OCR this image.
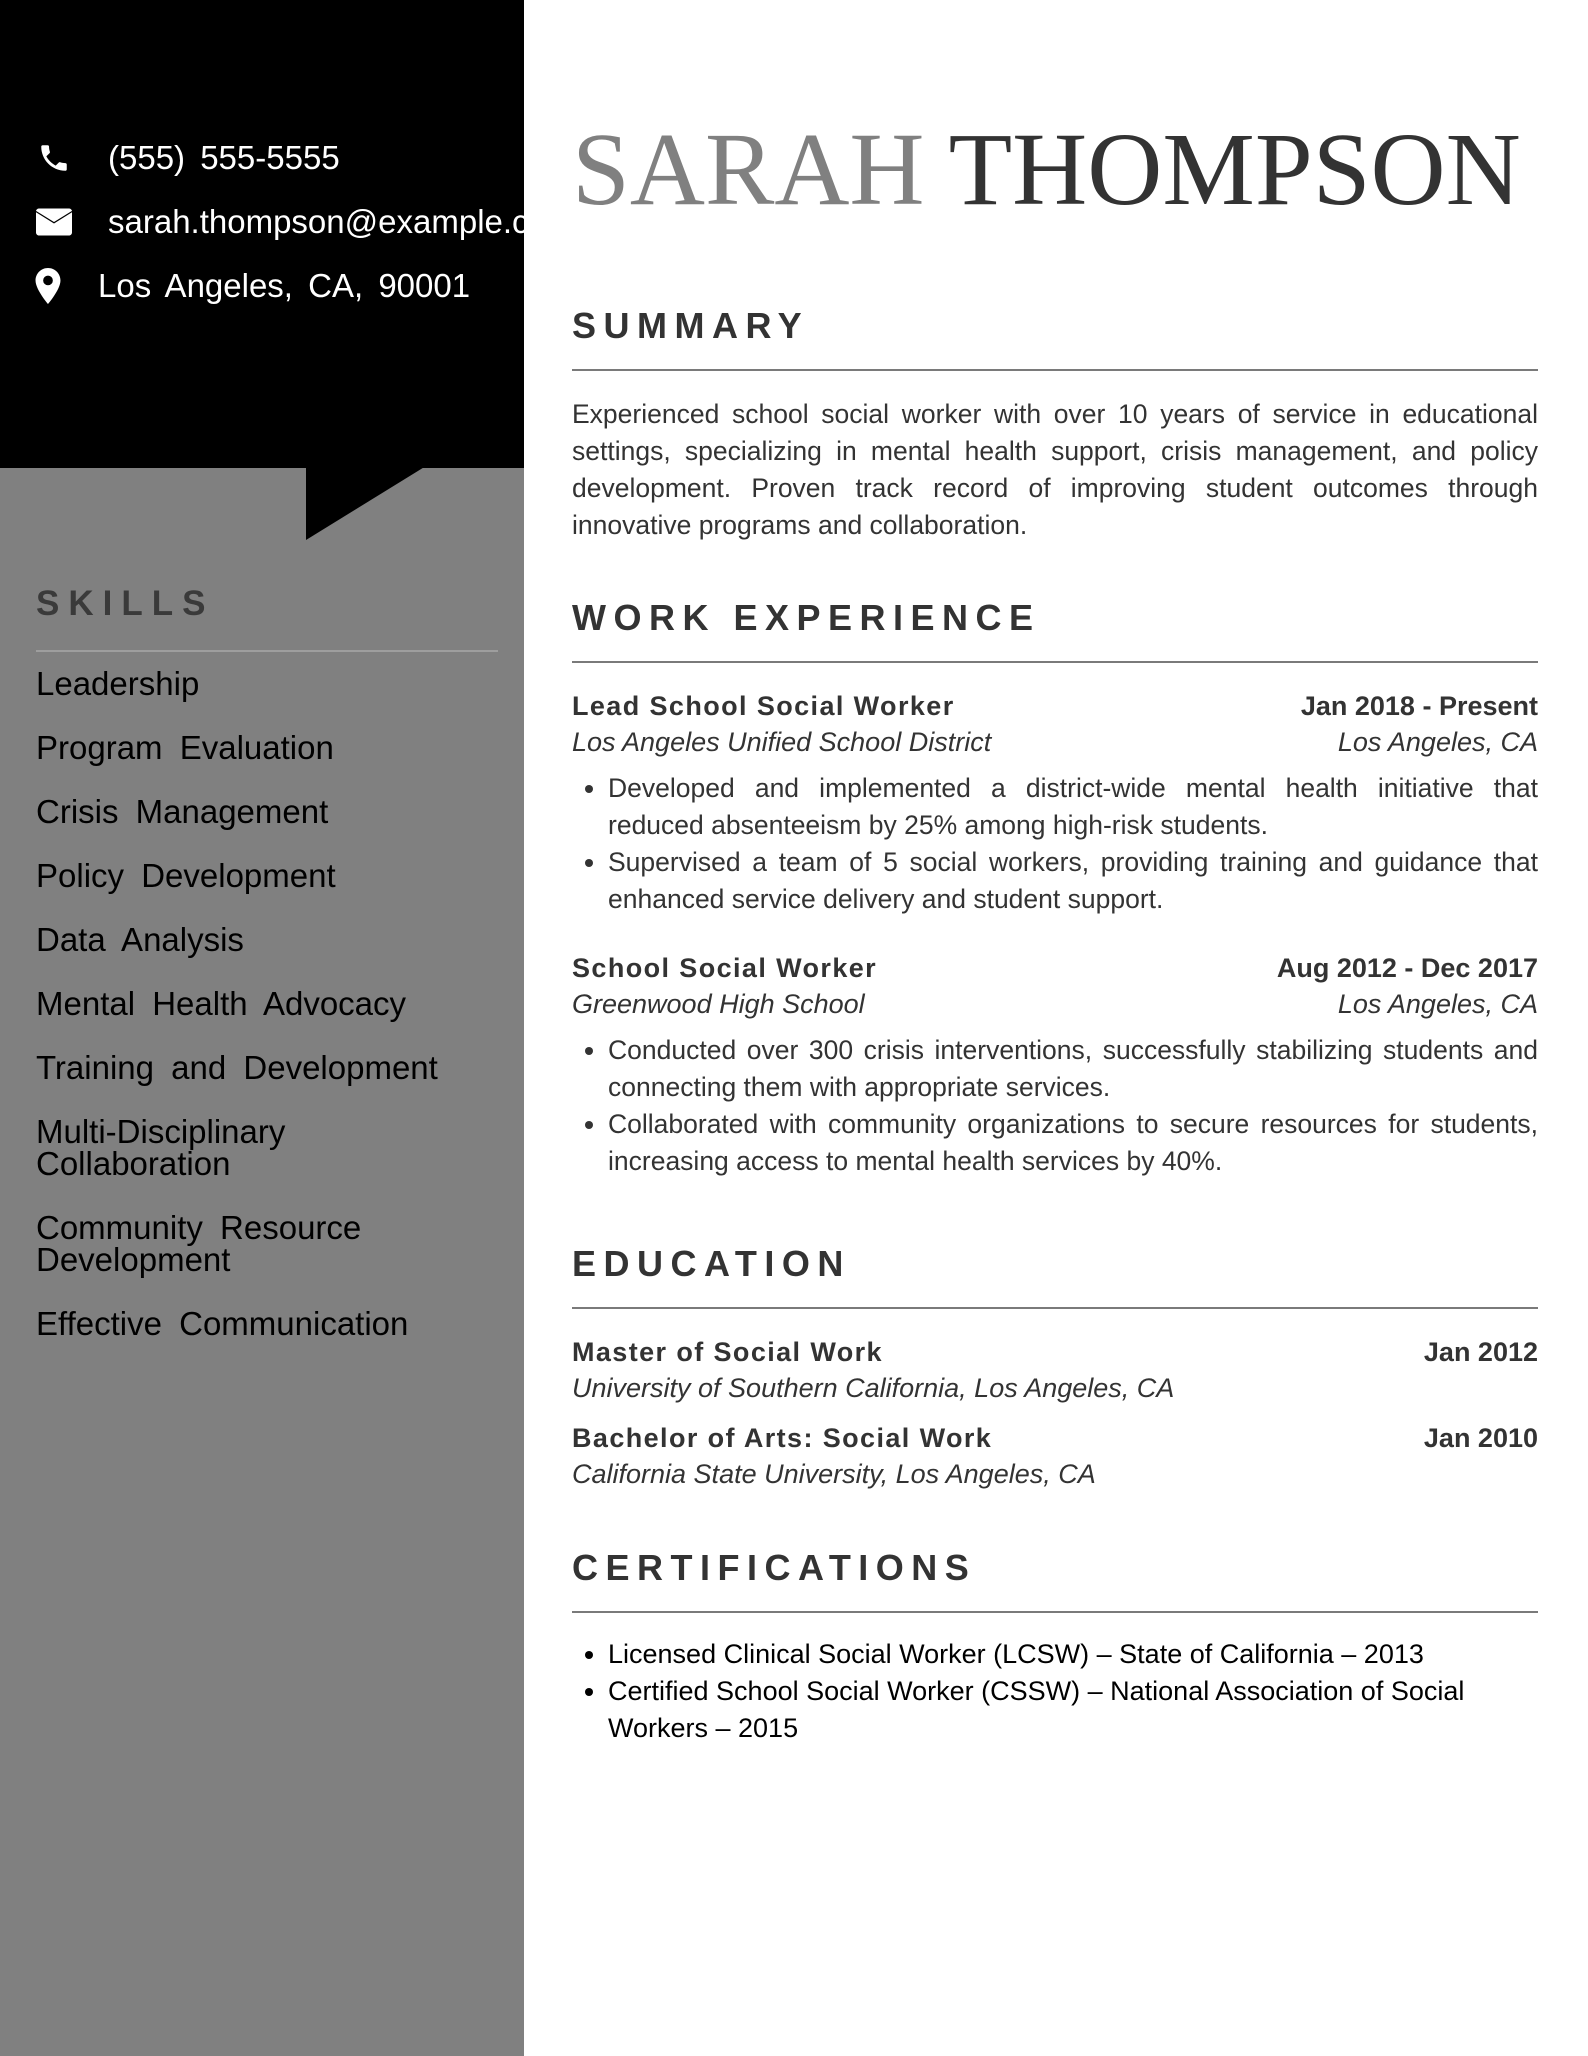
(555) 555-5555
sarah.thompson@example.com
Los Angeles, CA, 90001
SKILLS
Leadership
Program Evaluation
Crisis Management
Policy Development
Data Analysis
Mental Health Advocacy
Training and Development
Multi-Disciplinary Collaboration
Community Resource Development
Effective Communication
SARAH THOMPSON
SUMMARY

Experienced school social worker with over 10 years of service in educational settings, specializing in mental health support, crisis management, and policy development. Proven track record of improving student outcomes through innovative programs and collaboration.

WORK EXPERIENCE
Lead School Social Worker	Jan 2018 - Present
Los Angeles Unified School District	Los Angeles, CA
• Developed and implemented a district-wide mental health initiative that reduced absenteeism by 25% among high-risk students.
• Supervised a team of 5 social workers, providing training and guidance that enhanced service delivery and student support.
School Social Worker	Aug 2012 - Dec 2017
Greenwood High School	Los Angeles, CA
• Conducted over 300 crisis interventions, successfully stabilizing students and connecting them with appropriate services.
• Collaborated with community organizations to secure resources for students, increasing access to mental health services by 40%.
EDUCATION
Master of Social Work	Jan 2012
University of Southern California, Los Angeles, CA
Bachelor of Arts: Social Work	Jan 2010
California State University, Los Angeles, CA
CERTIFICATIONS
• Licensed Clinical Social Worker (LCSW) – State of California – 2013
• Certified School Social Worker (CSSW) – National Association of Social Workers – 2015
